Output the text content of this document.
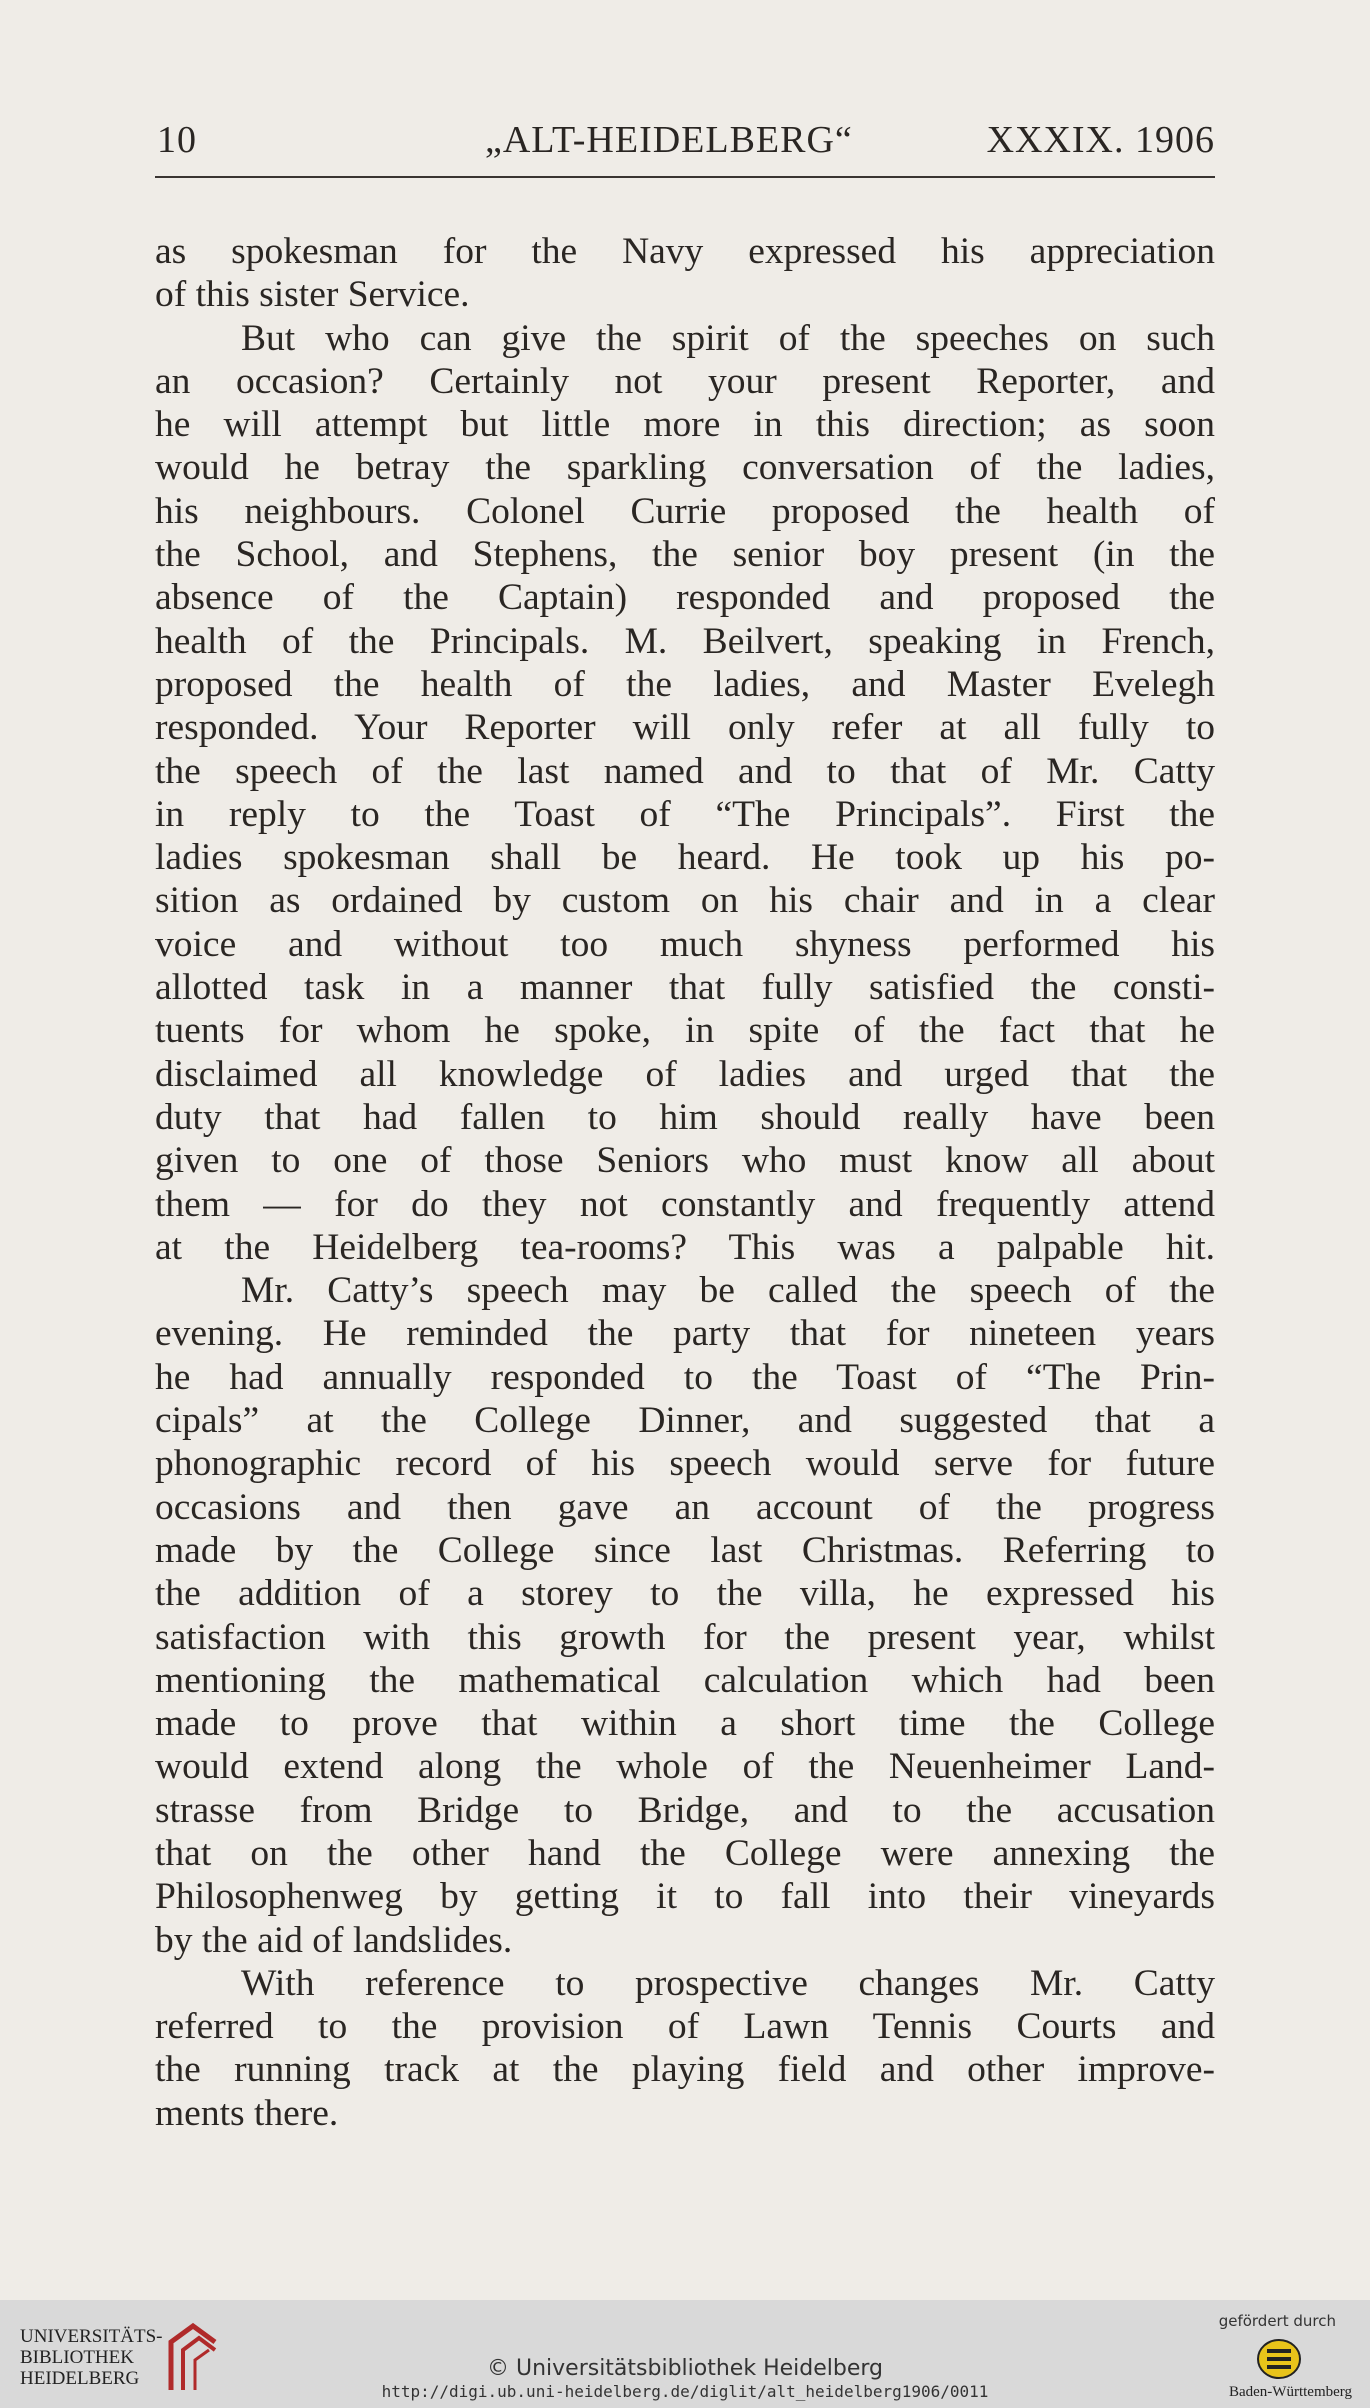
10	„ALT-HEIDELBERG“	XXXIX. 1906
as spokesman for the Navy expressed his appreciation
of this sister Service.
But who can give the spirit of the speeches on such
an occasion? Certainly not your present Reporter, and
he will attempt but little more in this direction; as soon
would he betray the sparkling conversation of the ladies,
his neighbours. Colonel Currie proposed the health of
the School, and Stephens, the senior boy present (in the
absence of the Captain) responded and proposed the
health of the Principals. M. Beilvert, speaking in French,
proposed the health of the ladies, and Master Evelegh
responded. Your Reporter will only refer at all fully to
the speech of the last named and to that of Mr. Catty
in reply to the Toast of “The Principals”. First the
ladies spokesman shall be heard. He took up his po-
sition as ordained by custom on his chair and in a clear
voice and without too much shyness performed his
allotted task in a manner that fully satisfied the consti-
tuents for whom he spoke, in spite of the fact that he
disclaimed all knowledge of ladies and urged that the
duty that had fallen to him should really have been
given to one of those Seniors who must know all about
them — for do they not constantly and frequently attend
at the Heidelberg tea-rooms? This was a palpable hit.
Mr. Catty’s speech may be called the speech of the
evening. He reminded the party that for nineteen years
he had annually responded to the Toast of “The Prin-
cipals” at the College Dinner, and suggested that a
phonographic record of his speech would serve for future
occasions and then gave an account of the progress
made by the College since last Christmas. Referring to
the addition of a storey to the villa, he expressed his
satisfaction with this growth for the present year, whilst
mentioning the mathematical calculation which had been
made to prove that within a short time the College
would extend along the whole of the Neuenheimer Land-
strasse from Bridge to Bridge, and to the accusation
that on the other hand the College were annexing the
Philosophenweg by getting it to fall into their vineyards
by the aid of landslides.
With reference to prospective changes Mr. Catty
referred to the provision of Lawn Tennis Courts and
the running track at the playing field and other improve-
ments there.
UNIVERSITÄTS-
BIBLIOTHEK
HEIDELBERG	© Universitätsbibliothek Heidelberg
http://digi.ub.uni-heidelberg.de/diglit/alt_heidelberg1906/0011
gefördert durch
Baden-Württemberg
